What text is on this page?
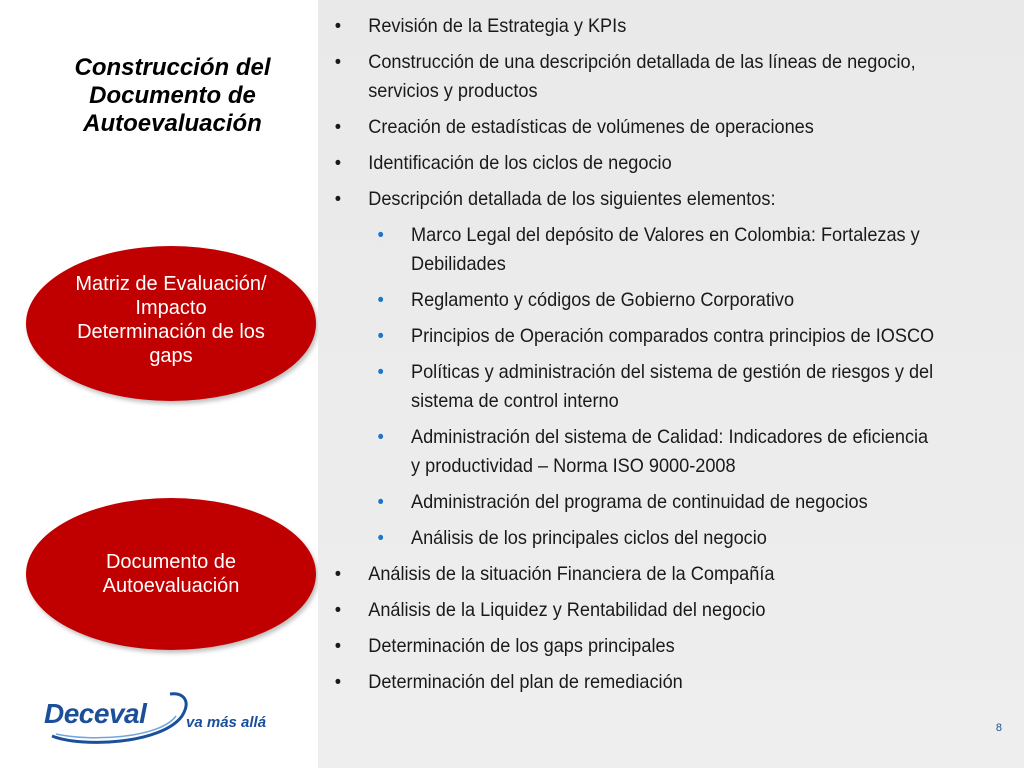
Construcción del Documento de Autoevaluación
Matriz de Evaluación/ Impacto Determinación de los gaps
Documento de Autoevaluación
Deceval	va más allá
• Revisión de la Estrategia y KPIs
• Construcción de una descripción detallada de las líneas de negocio, servicios y productos
• Creación de estadísticas de volúmenes de operaciones
• Identificación de los ciclos de negocio
• Descripción detallada de los siguientes elementos:
• Marco Legal del depósito de Valores en Colombia: Fortalezas y Debilidades
• Reglamento y códigos de Gobierno Corporativo
• Principios de Operación comparados contra principios de IOSCO
• Políticas y administración del sistema de gestión de riesgos y del sistema de control interno
• Administración del sistema de Calidad: Indicadores de eficiencia y productividad – Norma ISO 9000-2008
• Administración del programa de continuidad de negocios
• Análisis de los principales ciclos del negocio
• Análisis de la situación Financiera de la Compañía
• Análisis de la Liquidez y Rentabilidad del negocio
• Determinación de los gaps principales
• Determinación del plan de remediación
8
